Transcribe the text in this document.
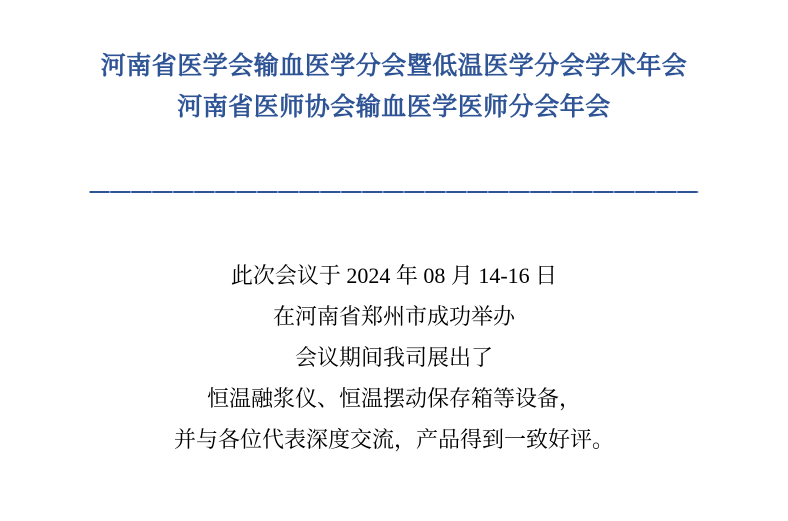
河南省医学会输血医学分会暨低温医学分会学术年会
河南省医师协会输血医学医师分会年会

此次会议于 2024 年 08 月 14-16 日

在河南省郑州市成功举办

会议期间我司展出了

恒温融浆仪、恒温摆动保存箱等设备，

并与各位代表深度交流，产品得到一致好评。
